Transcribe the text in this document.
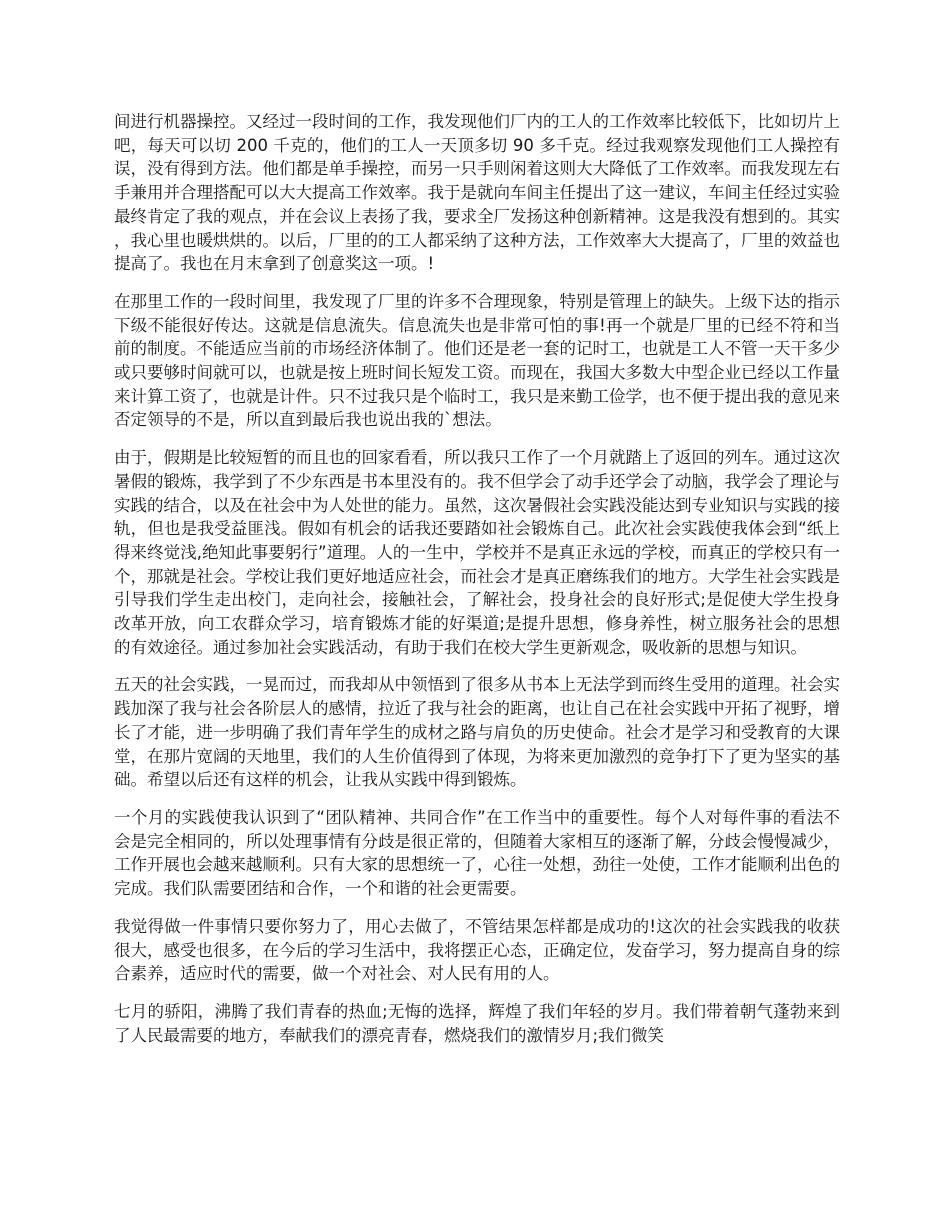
间进行机器操控。又经过一段时间的工作，我发现他们厂内的工人的工作效率比较低下，比如切片上吧，每天可以切 200 千克的，他们的工人一天顶多切 90 多千克。经过我观察发现他们工人操控有误，没有得到方法。他们都是单手操控，而另一只手则闲着这则大大降低了工作效率。而我发现左右手兼用并合理搭配可以大大提高工作效率。我于是就向车间主任提出了这一建议，车间主任经过实验最终肯定了我的观点，并在会议上表扬了我，要求全厂发扬这种创新精神。这是我没有想到的。其实，我心里也暖烘烘的。以后，厂里的的工人都采纳了这种方法，工作效率大大提高了，厂里的效益也提高了。我也在月末拿到了创意奖这一项。!

在那里工作的一段时间里，我发现了厂里的许多不合理现象，特别是管理上的缺失。上级下达的指示下级不能很好传达。这就是信息流失。信息流失也是非常可怕的事!再一个就是厂里的已经不符和当前的制度。不能适应当前的市场经济体制了。他们还是老一套的记时工，也就是工人不管一天干多少或只要够时间就可以，也就是按上班时间长短发工资。而现在，我国大多数大中型企业已经以工作量来计算工资了，也就是计件。只不过我只是个临时工，我只是来勤工俭学，也不便于提出我的意见来否定领导的不是，所以直到最后我也说出我的`想法。

由于，假期是比较短暂的而且也的回家看看，所以我只工作了一个月就踏上了返回的列车。通过这次暑假的锻炼，我学到了不少东西是书本里没有的。我不但学会了动手还学会了动脑，我学会了理论与实践的结合，以及在社会中为人处世的能力。虽然，这次暑假社会实践没能达到专业知识与实践的接轨，但也是我受益匪浅。假如有机会的话我还要踏如社会锻炼自己。此次社会实践使我体会到“纸上得来终觉浅,绝知此事要躬行”道理。人的一生中，学校并不是真正永远的学校，而真正的学校只有一个，那就是社会。学校让我们更好地适应社会，而社会才是真正磨练我们的地方。大学生社会实践是引导我们学生走出校门，走向社会，接触社会，了解社会，投身社会的良好形式;是促使大学生投身改革开放，向工农群众学习，培育锻炼才能的好渠道;是提升思想，修身养性，树立服务社会的思想的有效途径。通过参加社会实践活动，有助于我们在校大学生更新观念，吸收新的思想与知识。

五天的社会实践，一晃而过，而我却从中领悟到了很多从书本上无法学到而终生受用的道理。社会实践加深了我与社会各阶层人的感情，拉近了我与社会的距离，也让自己在社会实践中开拓了视野，增长了才能，进一步明确了我们青年学生的成材之路与肩负的历史使命。社会才是学习和受教育的大课堂，在那片宽阔的天地里，我们的人生价值得到了体现，为将来更加激烈的竞争打下了更为坚实的基础。希望以后还有这样的机会，让我从实践中得到锻炼。

一个月的实践使我认识到了“团队精神、共同合作”在工作当中的重要性。每个人对每件事的看法不会是完全相同的，所以处理事情有分歧是很正常的，但随着大家相互的逐渐了解，分歧会慢慢减少，工作开展也会越来越顺利。只有大家的思想统一了，心往一处想，劲往一处使，工作才能顺利出色的完成。我们队需要团结和合作，一个和谐的社会更需要。

我觉得做一件事情只要你努力了，用心去做了，不管结果怎样都是成功的!这次的社会实践我的收获很大，感受也很多，在今后的学习生活中，我将摆正心态，正确定位，发奋学习，努力提高自身的综合素养，适应时代的需要，做一个对社会、对人民有用的人。

七月的骄阳，沸腾了我们青春的热血;无悔的选择，辉煌了我们年轻的岁月。我们带着朝气蓬勃来到了人民最需要的地方，奉献我们的漂亮青春，燃烧我们的激情岁月;我们微笑
